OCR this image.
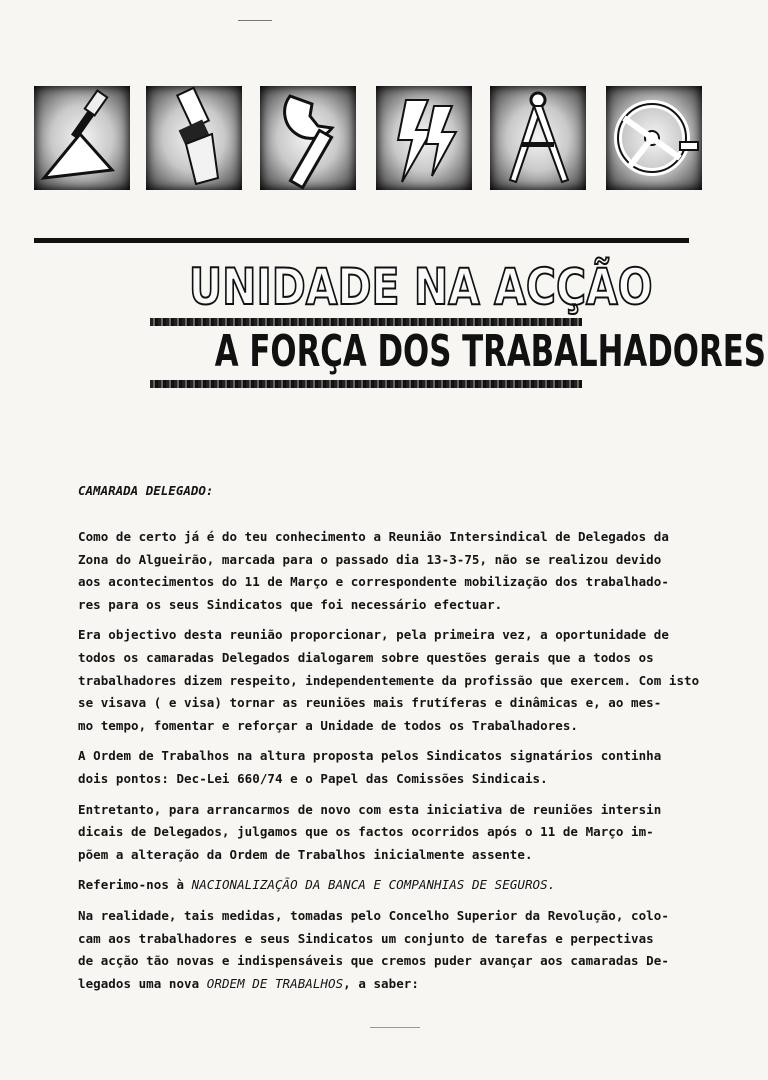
UNIDADE NA ACÇÃO
A FORÇA DOS TRABALHADORES
CAMARADA DELEGADO:
Como de certo já é do teu conhecimento a Reunião Intersindical de Delegados da
Zona do Algueirão, marcada para o passado dia 13-3-75, não se realizou devido
aos acontecimentos do 11 de Março e correspondente mobilização dos trabalhado-
res para os seus Sindicatos que foi necessário efectuar.
Era objectivo desta reunião proporcionar, pela primeira vez, a oportunidade de
todos os camaradas Delegados dialogarem sobre questões gerais que a todos os
trabalhadores dizem respeito, independentemente da profissão que exercem. Com isto
se visava ( e visa) tornar as reuniões mais frutíferas e dinâmicas e, ao mes-
mo tempo, fomentar e reforçar a Unidade de todos os Trabalhadores.
A Ordem de Trabalhos na altura proposta pelos Sindicatos signatários continha
dois pontos: Dec-Lei 660/74 e o Papel das Comissões Sindicais.
Entretanto, para arrancarmos de novo com esta iniciativa de reuniões intersin
dicais de Delegados, julgamos que os factos ocorridos após o 11 de Março im-
põem a alteração da Ordem de Trabalhos inicialmente assente.
Referimo-nos à NACIONALIZAÇÃO DA BANCA E COMPANHIAS DE SEGUROS.
Na realidade, tais medidas, tomadas pelo Concelho Superior da Revolução, colo-
cam aos trabalhadores e seus Sindicatos um conjunto de tarefas e perpectivas
de acção tão novas e indispensáveis que cremos puder avançar aos camaradas De-
legados uma nova ORDEM DE TRABALHOS, a saber:
